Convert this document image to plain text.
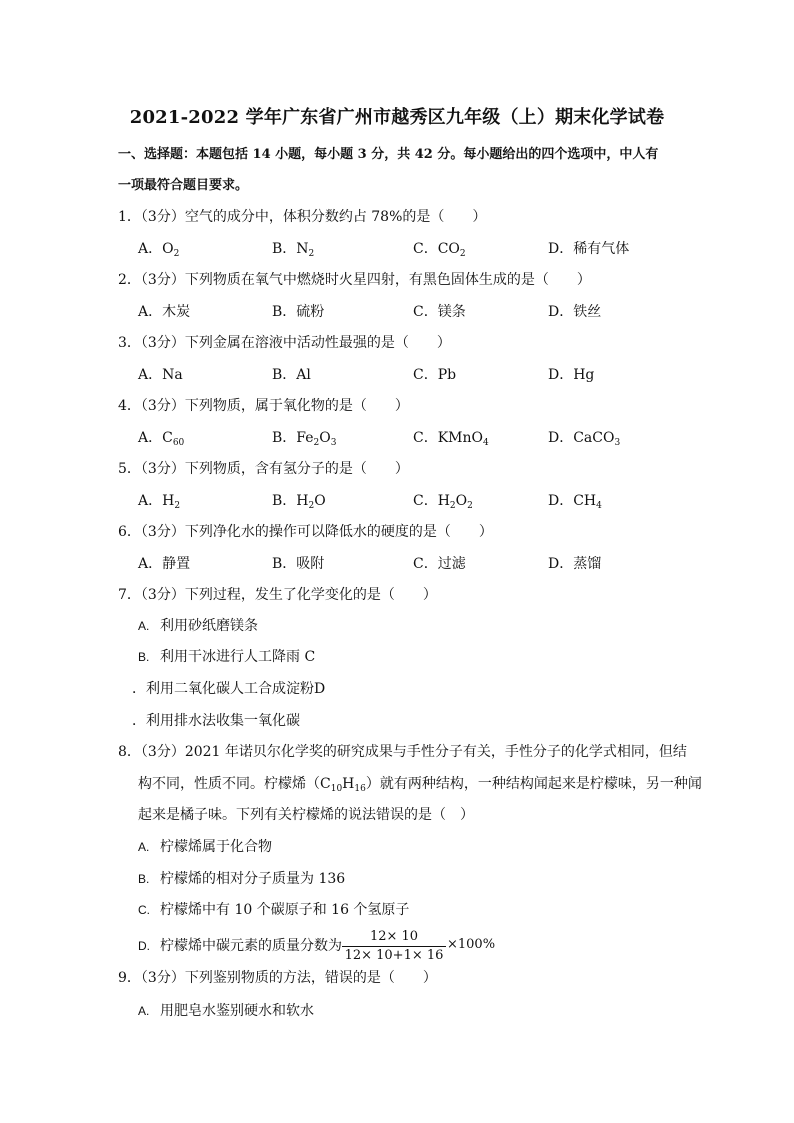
2021-2022 学年广东省广州市越秀区九年级（上）期末化学试卷
一、选择题：本题包括 14 小题，每小题 3 分，共 42 分。每小题给出的四个选项中，中人有
一项最符合题目要求。
1．（3分）空气的成分中，体积分数约占 78%的是（　　）
A．$O_2$	B．$N_2$	C．$CO_2$	D．稀有气体
2．（3分）下列物质在氧气中燃烧时火星四射，有黑色固体生成的是（　　）
A．木炭	B．硫粉	C．镁条	D．铁丝
3．（3分）下列金属在溶液中活动性最强的是（　　）
A．Na	B．Al	C．Pb	D．Hg
4．（3分）下列物质，属于氧化物的是（　　）
A．$C_{60}$	B．$Fe_2O_3$	C．KMnO$_4$	D．CaCO$_3$
5．（3分）下列物质，含有氢分子的是（　　）
A．$H_2$	B．$H_2O$	C．$H_2O_2$	D．$CH_4$
6．（3分）下列净化水的操作可以降低水的硬度的是（　　）
A．静置	B．吸附	C．过滤	D．蒸馏
7．（3分）下列过程，发生了化学变化的是（　　）
A. 利用砂纸磨镁条
B. 利用干冰进行人工降雨 C
．利用二氧化碳人工合成淀粉D
．利用排水法收集一氧化碳
8．（3分）2021 年诺贝尔化学奖的研究成果与手性分子有关，手性分子的化学式相同，但结
构不同，性质不同。柠檬烯$(C_{10}H_{16})$就有两种结构，一种结构闻起来是柠檬味，另一种闻
起来是橘子味。下列有关柠檬烯的说法错误的是（　）
A. 柠檬烯属于化合物
B. 柠檬烯的相对分子质量为 136
C. 柠檬烯中有 10 个碳原子和 16 个氢原子
D. 柠檬烯中碳元素的质量分数为 $\frac{12\times 10}{12\times 10+1\times 16} \times 100\%$
9．（3分）下列鉴别物质的方法，错误的是（　　）
A. 用肥皂水鉴别硬水和软水
